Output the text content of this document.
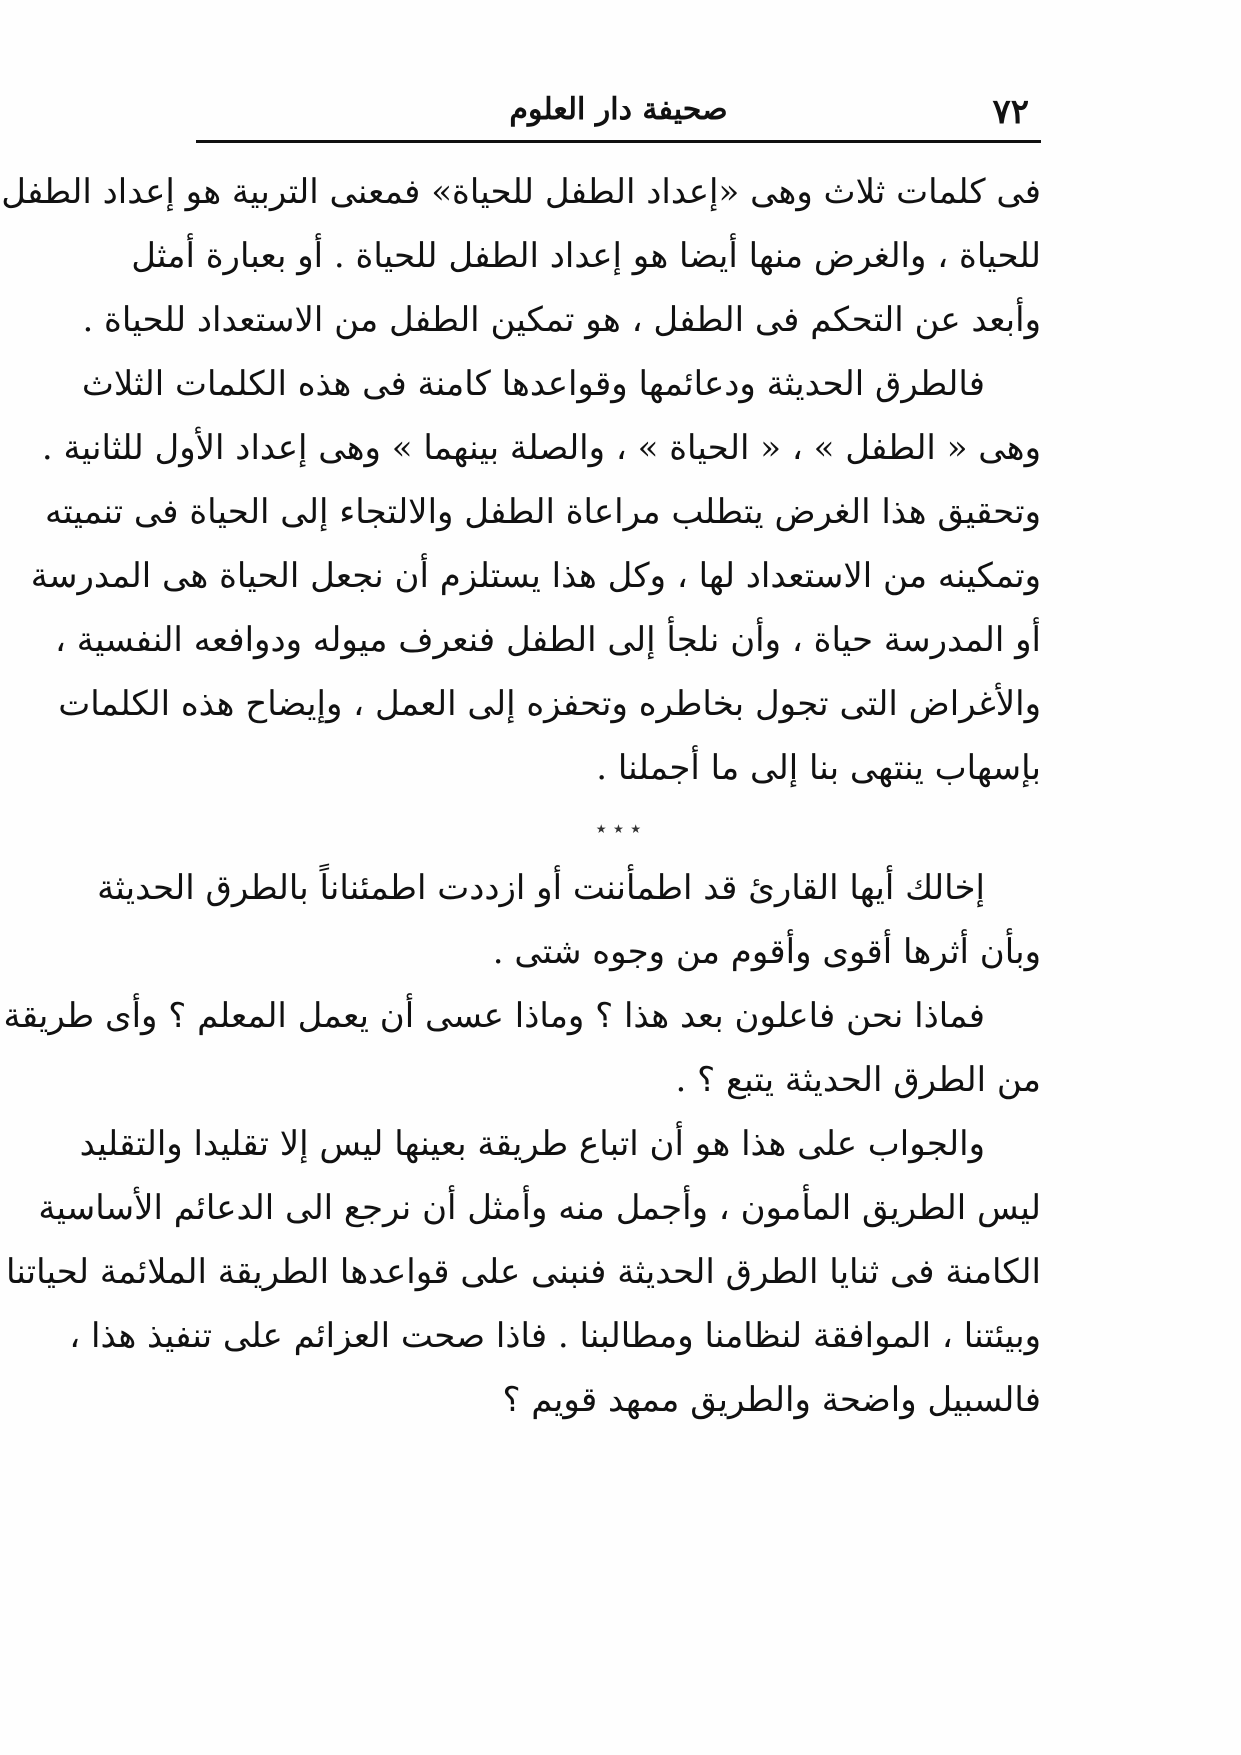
٧٢
صحيفة دار العلوم
فى كلمات ثلاث وهى «إعداد الطفل للحياة» فمعنى التربية هو إعداد الطفل
للحياة ، والغرض منها أيضا هو إعداد الطفل للحياة . أو بعبارة أمثل
وأبعد عن التحكم فى الطفل ، هو تمكين الطفل من الاستعداد للحياة .
فالطرق الحديثة ودعائمها وقواعدها كامنة فى هذه الكلمات الثلاث
وهى « الطفل » ، « الحياة » ، والصلة بينهما » وهى إعداد الأول للثانية .
وتحقيق هذا الغرض يتطلب مراعاة الطفل والالتجاء إلى الحياة فى تنميته
وتمكينه من الاستعداد لها ، وكل هذا يستلزم أن نجعل الحياة هى المدرسة
أو المدرسة حياة ، وأن نلجأ إلى الطفل فنعرف ميوله ودوافعه النفسية ،
والأغراض التى تجول بخاطره وتحفزه إلى العمل ، وإيضاح هذه الكلمات
بإسهاب ينتهى بنا إلى ما أجملنا .
٭ ٭ ٭
إخالك أيها القارئ قد اطمأننت أو ازددت اطمئناناً بالطرق الحديثة
وبأن أثرها أقوى وأقوم من وجوه شتى .
فماذا نحن فاعلون بعد هذا ؟ وماذا عسى أن يعمل المعلم ؟ وأى طريقة
من الطرق الحديثة يتبع ؟ .
والجواب على هذا هو أن اتباع طريقة بعينها ليس إلا تقليدا والتقليد
ليس الطريق المأمون ، وأجمل منه وأمثل أن نرجع الى الدعائم الأساسية
الكامنة فى ثنايا الطرق الحديثة فنبنى على قواعدها الطريقة الملائمة لحياتنا
وبيئتنا ، الموافقة لنظامنا ومطالبنا . فاذا صحت العزائم على تنفيذ هذا ،
فالسبيل واضحة والطريق ممهد قويم ؟
